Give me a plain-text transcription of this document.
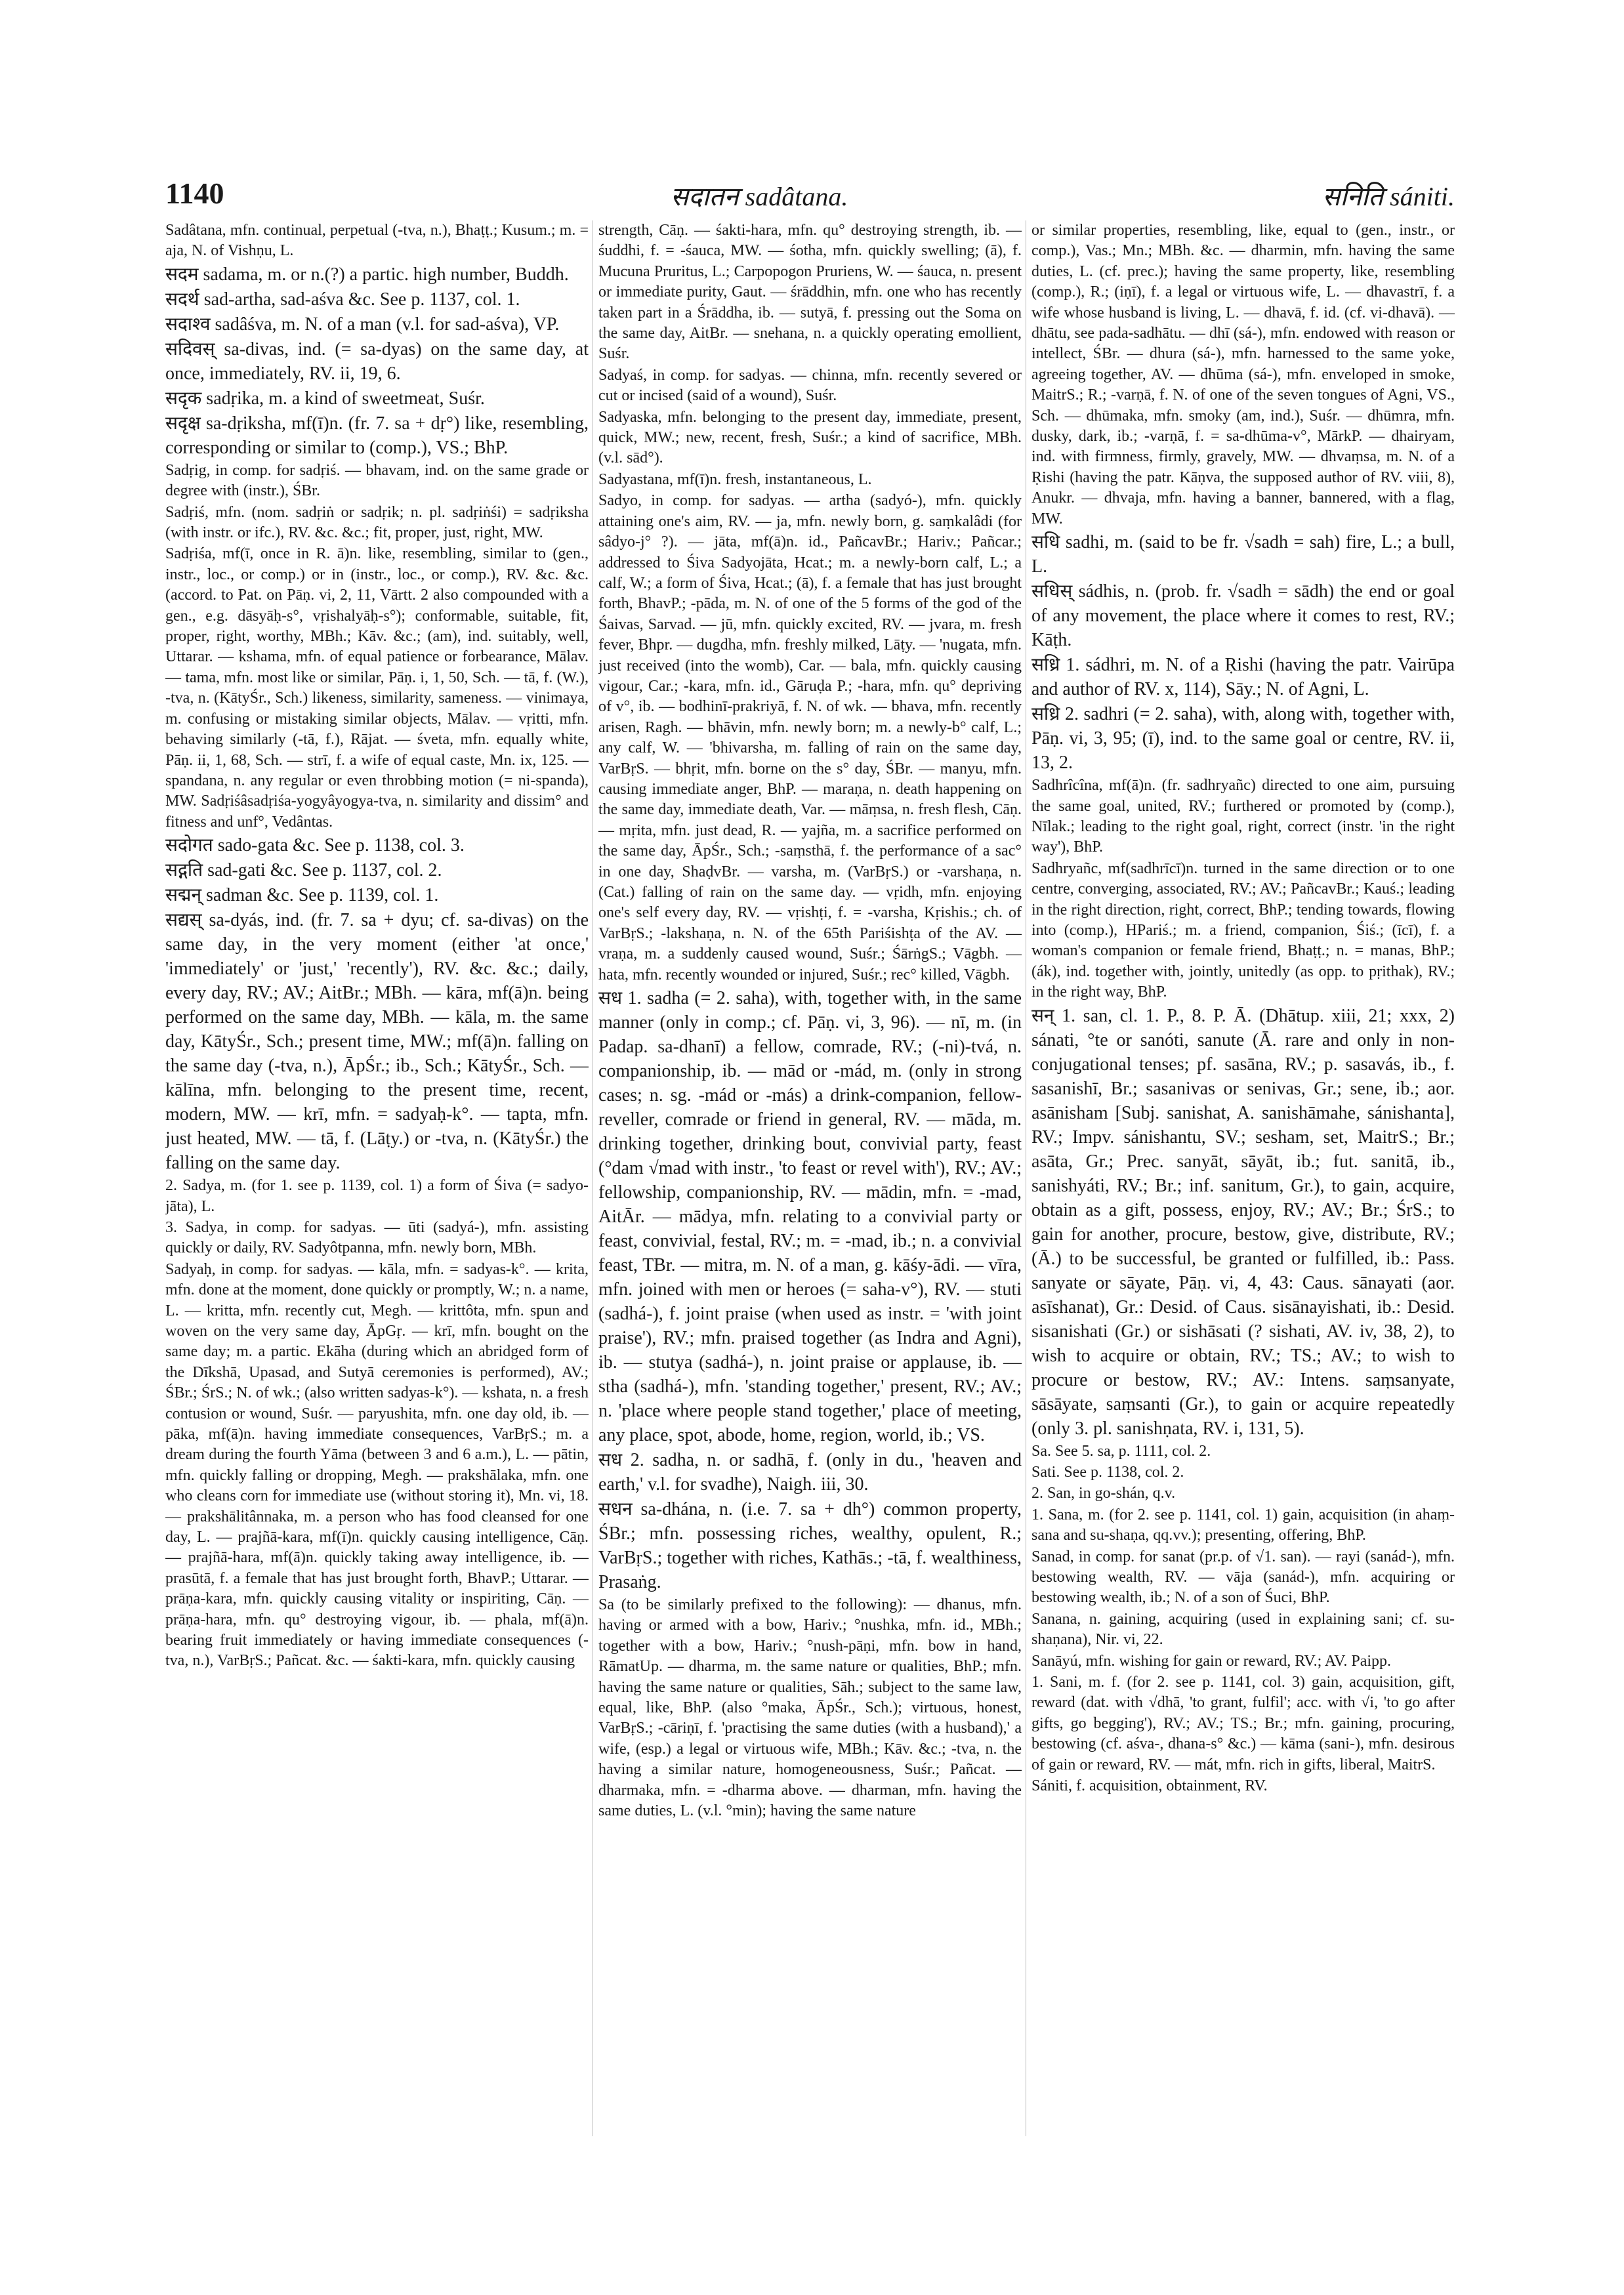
1140	सदातन sadâtana.	सनिति sániti.

Sadâtana, mfn. continual, perpetual (-tva, n.), Bhaṭṭ.; Kusum.; m. = aja, N. of Vishṇu, L.

सदम sadama, m. or n.(?) a partic. high number, Buddh.

सदर्थ sad-artha, sad-aśva &c. See p. 1137, col. 1.

सदाश्व sadâśva, m. N. of a man (v.l. for sad-aśva), VP.

सदिवस् sa-divas, ind. (= sa-dyas) on the same day, at once, immediately, RV. ii, 19, 6.

सदृक sadṛika, m. a kind of sweetmeat, Suśr.

सदृक्ष sa-dṛiksha, mf(ī)n. (fr. 7. sa + dṛ°) like, resembling, corresponding or similar to (comp.), VS.; BhP.

Sadṛig, in comp. for sadṛiś. — bhavam, ind. on the same grade or degree with (instr.), ŚBr.

Sadṛiś, mfn. (nom. sadṛiṅ or sadṛik; n. pl. sadṛiṅśi) = sadṛiksha (with instr. or ifc.), RV. &c. &c.; fit, proper, just, right, MW.

Sadṛiśa, mf(ī, once in R. ā)n. like, resembling, similar to (gen., instr., loc., or comp.) or in (instr., loc., or comp.), RV. &c. &c. (accord. to Pat. on Pāṇ. vi, 2, 11, Vārtt. 2 also compounded with a gen., e.g. dāsyāḥ-s°, vṛishalyāḥ-s°); conformable, suitable, fit, proper, right, worthy, MBh.; Kāv. &c.; (am), ind. suitably, well, Uttarar. — kshama, mfn. of equal patience or forbearance, Mālav. — tama, mfn. most like or similar, Pāṇ. i, 1, 50, Sch. — tā, f. (W.), -tva, n. (KātyŚr., Sch.) likeness, similarity, sameness. — vinimaya, m. confusing or mistaking similar objects, Mālav. — vṛitti, mfn. behaving similarly (-tā, f.), Rājat. — śveta, mfn. equally white, Pāṇ. ii, 1, 68, Sch. — strī, f. a wife of equal caste, Mn. ix, 125. — spandana, n. any regular or even throbbing motion (= ni-spanda), MW. Sadṛiśâsadṛiśa-yogyâyogya-tva, n. similarity and dissim° and fitness and unf°, Vedântas.

सदोगत sado-gata &c. See p. 1138, col. 3.

सद्गति sad-gati &c. See p. 1137, col. 2.

सद्मन् sadman &c. See p. 1139, col. 1.

सद्यस् sa-dyás, ind. (fr. 7. sa + dyu; cf. sa-divas) on the same day, in the very moment (either 'at once,' 'immediately' or 'just,' 'recently'), RV. &c. &c.; daily, every day, RV.; AV.; AitBr.; MBh. — kāra, mf(ā)n. being performed on the same day, MBh. — kāla, m. the same day, KātyŚr., Sch.; present time, MW.; mf(ā)n. falling on the same day (-tva, n.), ĀpŚr.; ib., Sch.; KātyŚr., Sch. — kālīna, mfn. belonging to the present time, recent, modern, MW. — krī, mfn. = sadyaḥ-k°. — tapta, mfn. just heated, MW. — tā, f. (Lāṭy.) or -tva, n. (KātyŚr.) the falling on the same day.

2. Sadya, m. (for 1. see p. 1139, col. 1) a form of Śiva (= sadyo-jāta), L.

3. Sadya, in comp. for sadyas. — ūti (sadyá-), mfn. assisting quickly or daily, RV. Sadyôtpanna, mfn. newly born, MBh.

Sadyaḥ, in comp. for sadyas. — kāla, mfn. = sadyas-k°. — krita, mfn. done at the moment, done quickly or promptly, W.; n. a name, L. — kritta, mfn. recently cut, Megh. — krittôta, mfn. spun and woven on the very same day, ĀpGṛ. — krī, mfn. bought on the same day; m. a partic. Ekāha (during which an abridged form of the Dīkshā, Upasad, and Sutyā ceremonies is performed), AV.; ŚBr.; ŚrS.; N. of wk.; (also written sadyas-k°). — kshata, n. a fresh contusion or wound, Suśr. — paryushita, mfn. one day old, ib. — pāka, mf(ā)n. having immediate consequences, VarBṛS.; m. a dream during the fourth Yāma (between 3 and 6 a.m.), L. — pātin, mfn. quickly falling or dropping, Megh. — prakshālaka, mfn. one who cleans corn for immediate use (without storing it), Mn. vi, 18. — prakshālitânnaka, m. a person who has food cleansed for one day, L. — prajñā-kara, mf(ī)n. quickly causing intelligence, Cāṇ. — prajñā-hara, mf(ā)n. quickly taking away intelligence, ib. — prasūtā, f. a female that has just brought forth, BhavP.; Uttarar. — prāṇa-kara, mfn. quickly causing vitality or inspiriting, Cāṇ. — prāṇa-hara, mfn. qu° destroying vigour, ib. — phala, mf(ā)n. bearing fruit immediately or having immediate consequences (-tva, n.), VarBṛS.; Pañcat. &c. — śakti-kara, mfn. quickly causing

strength, Cāṇ. — śakti-hara, mfn. qu° destroying strength, ib. — śuddhi, f. = -śauca, MW. — śotha, mfn. quickly swelling; (ā), f. Mucuna Pruritus, L.; Carpopogon Pruriens, W. — śauca, n. present or immediate purity, Gaut. — śrāddhin, mfn. one who has recently taken part in a Śrāddha, ib. — sutyā, f. pressing out the Soma on the same day, AitBr. — snehana, n. a quickly operating emollient, Suśr.

Sadyaś, in comp. for sadyas. — chinna, mfn. recently severed or cut or incised (said of a wound), Suśr.

Sadyaska, mfn. belonging to the present day, immediate, present, quick, MW.; new, recent, fresh, Suśr.; a kind of sacrifice, MBh. (v.l. sād°).

Sadyastana, mf(ī)n. fresh, instantaneous, L.

Sadyo, in comp. for sadyas. — artha (sadyó-), mfn. quickly attaining one's aim, RV. — ja, mfn. newly born, g. saṃkalâdi (for sâdyo-j° ?). — jāta, mf(ā)n. id., PañcavBr.; Hariv.; Pañcar.; addressed to Śiva Sadyojāta, Hcat.; m. a newly-born calf, L.; a calf, W.; a form of Śiva, Hcat.; (ā), f. a female that has just brought forth, BhavP.; -pāda, m. N. of one of the 5 forms of the god of the Śaivas, Sarvad. — jū, mfn. quickly excited, RV. — jvara, m. fresh fever, Bhpr. — dugdha, mfn. freshly milked, Lāṭy. — 'nugata, mfn. just received (into the womb), Car. — bala, mfn. quickly causing vigour, Car.; -kara, mfn. id., Gāruḍa P.; -hara, mfn. qu° depriving of v°, ib. — bodhinī-prakriyā, f. N. of wk. — bhava, mfn. recently arisen, Ragh. — bhāvin, mfn. newly born; m. a newly-b° calf, L.; any calf, W. — 'bhivarsha, m. falling of rain on the same day, VarBṛS. — bhṛit, mfn. borne on the s° day, ŚBr. — manyu, mfn. causing immediate anger, BhP. — maraṇa, n. death happening on the same day, immediate death, Var. — māṃsa, n. fresh flesh, Cāṇ. — mṛita, mfn. just dead, R. — yajña, m. a sacrifice performed on the same day, ĀpŚr., Sch.; -saṃsthā, f. the performance of a sac° in one day, ShaḍvBr. — varsha, m. (VarBṛS.) or -varshaṇa, n. (Cat.) falling of rain on the same day. — vṛidh, mfn. enjoying one's self every day, RV. — vṛishṭi, f. = -varsha, Kṛishis.; ch. of VarBṛS.; -lakshaṇa, n. N. of the 65th Pariśishṭa of the AV. — vraṇa, m. a suddenly caused wound, Suśr.; ŚārṅgS.; Vāgbh. — hata, mfn. recently wounded or injured, Suśr.; rec° killed, Vāgbh.

सध 1. sadha (= 2. saha), with, together with, in the same manner (only in comp.; cf. Pāṇ. vi, 3, 96). — nī, m. (in Padap. sa-dhanī) a fellow, comrade, RV.; (-ni)-tvá, n. companionship, ib. — mād or -mád, m. (only in strong cases; n. sg. -mád or -más) a drink-companion, fellow-reveller, comrade or friend in general, RV. — māda, m. drinking together, drinking bout, convivial party, feast (°dam √mad with instr., 'to feast or revel with'), RV.; AV.; fellowship, companionship, RV. — mādin, mfn. = -mad, AitĀr. — mādya, mfn. relating to a convivial party or feast, convivial, festal, RV.; m. = -mad, ib.; n. a convivial feast, TBr. — mitra, m. N. of a man, g. kāśy-ādi. — vīra, mfn. joined with men or heroes (= saha-v°), RV. — stuti (sadhá-), f. joint praise (when used as instr. = 'with joint praise'), RV.; mfn. praised together (as Indra and Agni), ib. — stutya (sadhá-), n. joint praise or applause, ib. — stha (sadhá-), mfn. 'standing together,' present, RV.; AV.; n. 'place where people stand together,' place of meeting, any place, spot, abode, home, region, world, ib.; VS.

सध 2. sadha, n. or sadhā, f. (only in du., 'heaven and earth,' v.l. for svadhe), Naigh. iii, 30.

सधन sa-dhána, n. (i.e. 7. sa + dh°) common property, ŚBr.; mfn. possessing riches, wealthy, opulent, R.; VarBṛS.; together with riches, Kathās.; -tā, f. wealthiness, Prasaṅg.

Sa (to be similarly prefixed to the following): — dhanus, mfn. having or armed with a bow, Hariv.; °nushka, mfn. id., MBh.; together with a bow, Hariv.; °nush-pāṇi, mfn. bow in hand, RāmatUp. — dharma, m. the same nature or qualities, BhP.; mfn. having the same nature or qualities, Sāh.; subject to the same law, equal, like, BhP. (also °maka, ĀpŚr., Sch.); virtuous, honest, VarBṛS.; -cāriṇī, f. 'practising the same duties (with a husband),' a wife, (esp.) a legal or virtuous wife, MBh.; Kāv. &c.; -tva, n. the having a similar nature, homogeneousness, Suśr.; Pañcat. — dharmaka, mfn. = -dharma above. — dharman, mfn. having the same duties, L. (v.l. °min); having the same nature

or similar properties, resembling, like, equal to (gen., instr., or comp.), Vas.; Mn.; MBh. &c. — dharmin, mfn. having the same duties, L. (cf. prec.); having the same property, like, resembling (comp.), R.; (iṇī), f. a legal or virtuous wife, L. — dhavastrī, f. a wife whose husband is living, L. — dhavā, f. id. (cf. vi-dhavā). — dhātu, see pada-sadhātu. — dhī (sá-), mfn. endowed with reason or intellect, ŚBr. — dhura (sá-), mfn. harnessed to the same yoke, agreeing together, AV. — dhūma (sá-), mfn. enveloped in smoke, MaitrS.; R.; -varṇā, f. N. of one of the seven tongues of Agni, VS., Sch. — dhūmaka, mfn. smoky (am, ind.), Suśr. — dhūmra, mfn. dusky, dark, ib.; -varṇā, f. = sa-dhūma-v°, MārkP. — dhairyam, ind. with firmness, firmly, gravely, MW. — dhvaṃsa, m. N. of a Ṛishi (having the patr. Kāṇva, the supposed author of RV. viii, 8), Anukr. — dhvaja, mfn. having a banner, bannered, with a flag, MW.

सधि sadhi, m. (said to be fr. √sadh = sah) fire, L.; a bull, L.

सधिस् sádhis, n. (prob. fr. √sadh = sādh) the end or goal of any movement, the place where it comes to rest, RV.; Kāṭh.

सध्रि 1. sádhri, m. N. of a Ṛishi (having the patr. Vairūpa and author of RV. x, 114), Sāy.; N. of Agni, L.

सध्रि 2. sadhri (= 2. saha), with, along with, together with, Pāṇ. vi, 3, 95; (ī), ind. to the same goal or centre, RV. ii, 13, 2.

Sadhrîcîna, mf(ā)n. (fr. sadhryañc) directed to one aim, pursuing the same goal, united, RV.; furthered or promoted by (comp.), Nīlak.; leading to the right goal, right, correct (instr. 'in the right way'), BhP.

Sadhryañc, mf(sadhrīcī)n. turned in the same direction or to one centre, converging, associated, RV.; AV.; PañcavBr.; Kauś.; leading in the right direction, right, correct, BhP.; tending towards, flowing into (comp.), HPariś.; m. a friend, companion, Śiś.; (īcī), f. a woman's companion or female friend, Bhaṭṭ.; n. = manas, BhP.; (ák), ind. together with, jointly, unitedly (as opp. to pṛithak), RV.; in the right way, BhP.

सन् 1. san, cl. 1. P., 8. P. Ā. (Dhātup. xiii, 21; xxx, 2) sánati, °te or sanóti, sanute (Ā. rare and only in non-conjugational tenses; pf. sasāna, RV.; p. sasavás, ib., f. sasanishī, Br.; sasanivas or senivas, Gr.; sene, ib.; aor. asānisham [Subj. sanishat, A. sanishāmahe, sánishanta], RV.; Impv. sánishantu, SV.; sesham, set, MaitrS.; Br.; asāta, Gr.; Prec. sanyāt, sāyāt, ib.; fut. sanitā, ib., sanishyáti, RV.; Br.; inf. sanitum, Gr.), to gain, acquire, obtain as a gift, possess, enjoy, RV.; AV.; Br.; ŚrS.; to gain for another, procure, bestow, give, distribute, RV.; (Ā.) to be successful, be granted or fulfilled, ib.: Pass. sanyate or sāyate, Pāṇ. vi, 4, 43: Caus. sānayati (aor. asīshanat), Gr.: Desid. of Caus. sisānayishati, ib.: Desid. sisanishati (Gr.) or sishāsati (? sishati, AV. iv, 38, 2), to wish to acquire or obtain, RV.; TS.; AV.; to wish to procure or bestow, RV.; AV.: Intens. saṃsanyate, sāsāyate, saṃsanti (Gr.), to gain or acquire repeatedly (only 3. pl. sanishṇata, RV. i, 131, 5).

Sa. See 5. sa, p. 1111, col. 2.

Sati. See p. 1138, col. 2.

2. San, in go-shán, q.v.

1. Sana, m. (for 2. see p. 1141, col. 1) gain, acquisition (in ahaṃ-sana and su-shaṇa, qq.vv.); presenting, offering, BhP.

Sanad, in comp. for sanat (pr.p. of √1. san). — rayi (sanád-), mfn. bestowing wealth, RV. — vāja (sanád-), mfn. acquiring or bestowing wealth, ib.; N. of a son of Śuci, BhP.

Sanana, n. gaining, acquiring (used in explaining sani; cf. su-shaṇana), Nir. vi, 22.

Sanāyú, mfn. wishing for gain or reward, RV.; AV. Paipp.

1. Sani, m. f. (for 2. see p. 1141, col. 3) gain, acquisition, gift, reward (dat. with √dhā, 'to grant, fulfil'; acc. with √i, 'to go after gifts, go begging'), RV.; AV.; TS.; Br.; mfn. gaining, procuring, bestowing (cf. aśva-, dhana-s° &c.) — kāma (sani-), mfn. desirous of gain or reward, RV. — mát, mfn. rich in gifts, liberal, MaitrS.

Sániti, f. acquisition, obtainment, RV.
